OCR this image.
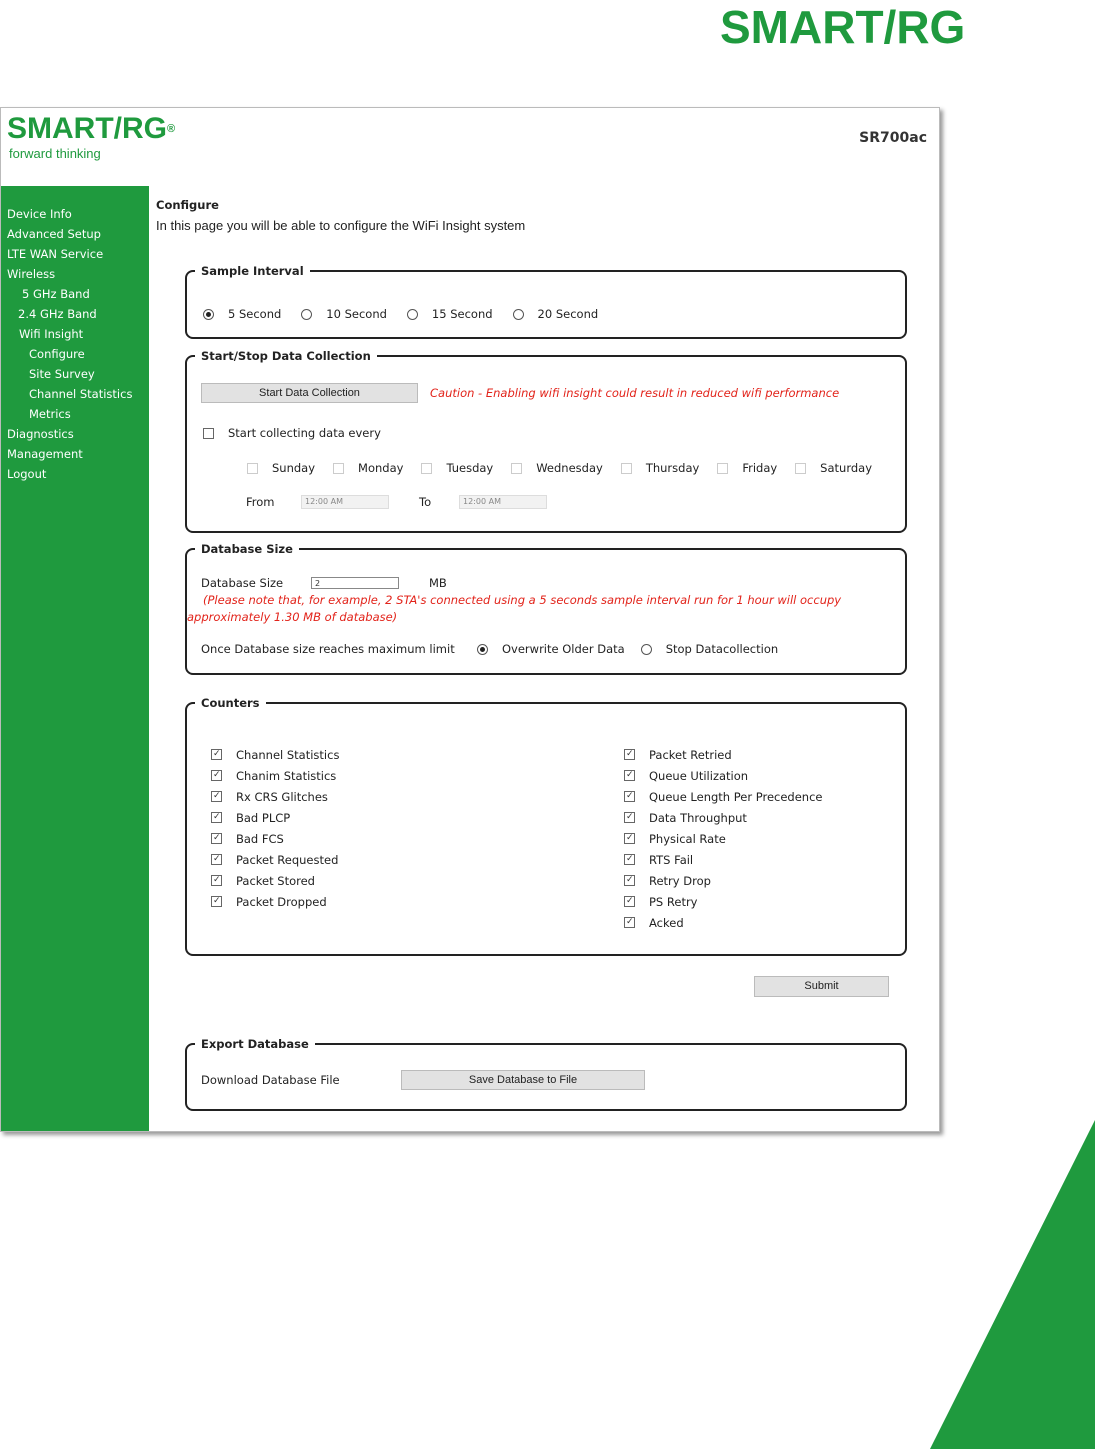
SMART/RG
SMART/RG®
forward thinking
SR700ac
Device Info
Advanced Setup
LTE WAN Service
Wireless
5 GHz Band
2.4 GHz Band
Wifi Insight
Configure
Site Survey
Channel Statistics
Metrics
Diagnostics
Management
Logout
Configure
In this page you will be able to configure the WiFi Insight system
Sample Interval
5 Second	10 Second	15 Second	20 Second
Start/Stop Data Collection
Start Data Collection	Caution - Enabling wifi insight could result in reduced wifi performance
Start collecting data every
Sunday	Monday	Tuesday	Wednesday	Thursday	Friday	Saturday
From	12:00 AM	To	12:00 AM
Database Size
Database Size	2	MB
(Please note that, for example, 2 STA's connected using a 5 seconds sample interval run for 1 hour will occupy
approximately 1.30 MB of database)
Once Database size reaches maximum limit	Overwrite Older Data	Stop Datacollection
Counters
✓
Channel Statistics
✓
Chanim Statistics
✓
Rx CRS Glitches
✓
Bad PLCP
✓
Bad FCS
✓
Packet Requested
✓
Packet Stored
✓
Packet Dropped
✓
Packet Retried
✓
Queue Utilization
✓
Queue Length Per Precedence
✓
Data Throughput
✓
Physical Rate
✓
RTS Fail
✓
Retry Drop
✓
PS Retry
✓
Acked
Submit
Export Database
Download Database File	Save Database to File
